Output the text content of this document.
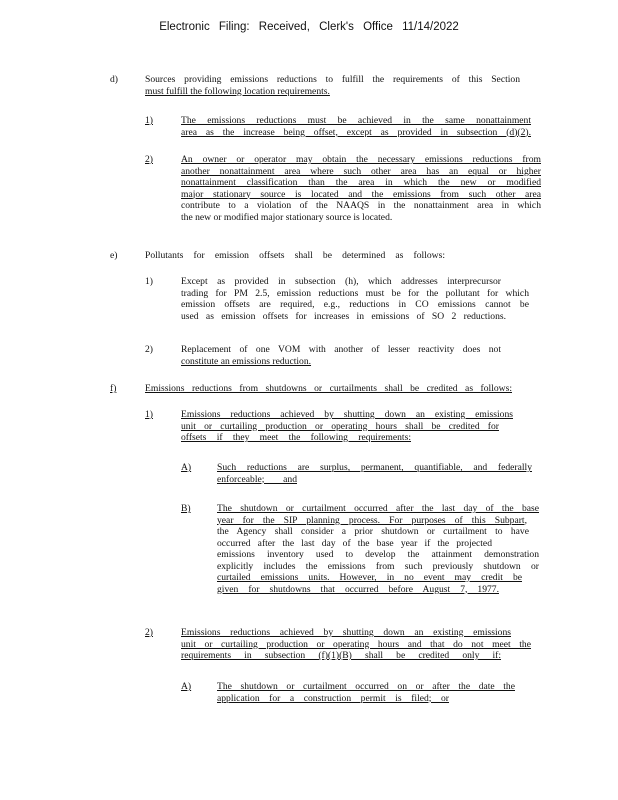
Electronic Filing: Received, Clerk's Office 11/14/2022
d)	Sources providing emissions reductions to fulfill the requirements of this Section
must fulfill the following location requirements.
1)	The emissions reductions must be achieved in the same nonattainment
area as the increase being offset, except as provided in subsection (d)(2).
2)	An owner or operator may obtain the necessary emissions reductions from
another nonattainment area where such other area has an equal or higher
nonattainment classification than the area in which the new or modified
major stationary source is located and the emissions from such other area
contribute to a violation of the NAAQS in the nonattainment area in which
the new or modified major stationary source is located.
e)	Pollutants for emission offsets shall be determined as follows:
1)	Except as provided in subsection (h), which addresses interprecursor
trading for PM 2.5, emission reductions must be for the pollutant for which
emission offsets are required, e.g., reductions in CO emissions cannot be
used as emission offsets for increases in emissions of SO 2 reductions.
2)	Replacement of one VOM with another of lesser reactivity does not
constitute an emissions reduction.
f)	Emissions reductions from shutdowns or curtailments shall be credited as follows:
1)	Emissions reductions achieved by shutting down an existing emissions
unit or curtailing production or operating hours shall be credited for
offsets if they meet the following requirements:
A)	Such reductions are surplus, permanent, quantifiable, and federally
enforceable; and
B)	The shutdown or curtailment occurred after the last day of the base
year for the SIP planning process. For purposes of this Subpart,
the Agency shall consider a prior shutdown or curtailment to have
occurred after the last day of the base year if the projected
emissions inventory used to develop the attainment demonstration
explicitly includes the emissions from such previously shutdown or
curtailed emissions units. However, in no event may credit be
given for shutdowns that occurred before August 7, 1977.
2)	Emissions reductions achieved by shutting down an existing emissions
unit or curtailing production or operating hours and that do not meet the
requirements in subsection (f)(1)(B) shall be credited only if:
A)	The shutdown or curtailment occurred on or after the date the
application for a construction permit is filed; or
